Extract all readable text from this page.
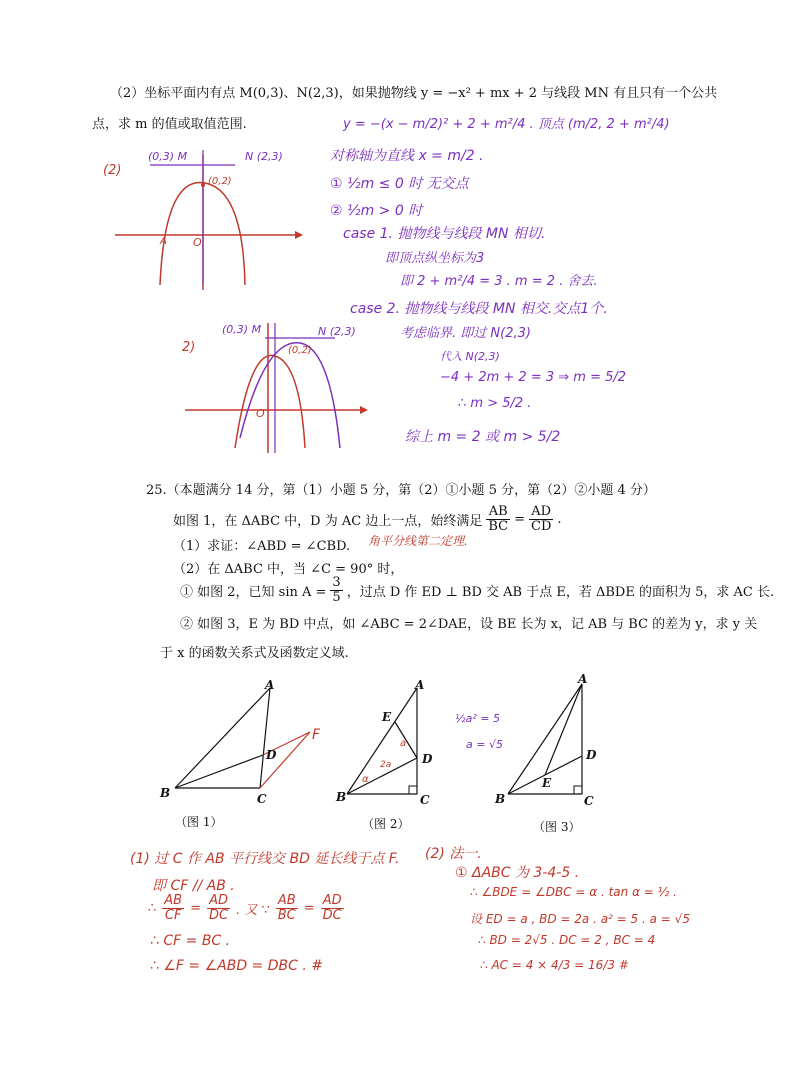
（2）坐标平面内有点 M(0,3)、N(2,3)，如果抛物线 y = −x² + mx + 2 与线段 MN 有且只有一个公共
点，求 m 的值或取值范围.
(2)
(0,3) M	N (2,3)
(0,2)
O
A
y = −(x − m/2)² + 2 + m²/4 . 顶点 (m/2, 2 + m²/4)
对称轴为直线 x = m/2 .
① ½m ≤ 0 时 无交点
② ½m > 0 时
case 1. 抛物线与线段 MN 相切.
即顶点纵坐标为3
即 2 + m²/4 = 3 . m = 2 . 舍去.
case 2. 抛物线与线段 MN 相交.交点1个.
考虑临界. 即过 N(2,3)
代入 N(2,3)
−4 + 2m + 2 = 3 ⇒ m = 5/2
∴ m > 5/2 .
综上 m = 2 或 m > 5/2
2)
(0,3) M	N (2,3)
(0,2)
O
25.（本题满分 14 分，第（1）小题 5 分，第（2）①小题 5 分，第（2）②小题 4 分）
如图 1，在 ΔABC 中，D 为 AC 边上一点，始终满足 $\frac{AB}{BC} = \frac{AD}{CD}$ .
（1）求证：∠ABD = ∠CBD. 角平分线第二定理.
（2）在 ΔABC 中，当 ∠C = 90° 时，
① 如图 2，已知 $\sin A = \frac{3}{5}$ ，过点 D 作 ED ⊥ BD 交 AB 于点 E，若 ΔBDE 的面积为 5，求 AC 长.
② 如图 3，E 为 BD 中点，如 ∠ABC = 2∠DAE，设 BE 长为 x，记 AB 与 BC 的差为 y，求 y 关
于 x 的函数关系式及函数定义域.
A
B	C
D
F
（图 1）
A
E
D
B	C
a
2a
α
（图 2）
½a² = 5
a = √5
A
D
E
B	C
（图 3）
(1) 过 C 作 AB 平行线交 BD 延长线于点 F.
即 CF // AB .
∴ $\frac{AB}{CF} = \frac{AD}{DC}$ . 又 ∵ $\frac{AB}{BC} = \frac{AD}{DC}$
∴ CF = BC .
∴ ∠F = ∠ABD = DBC . #
(2) 法一.
① ΔABC 为 3-4-5 .
∴ ∠BDE = ∠DBC = α . tan α = ½ .
设 ED = a , BD = 2a . a² = 5 . a = √5
∴ BD = 2√5 . DC = 2 , BC = 4
∴ AC = 4 × 4/3 = 16/3 #
